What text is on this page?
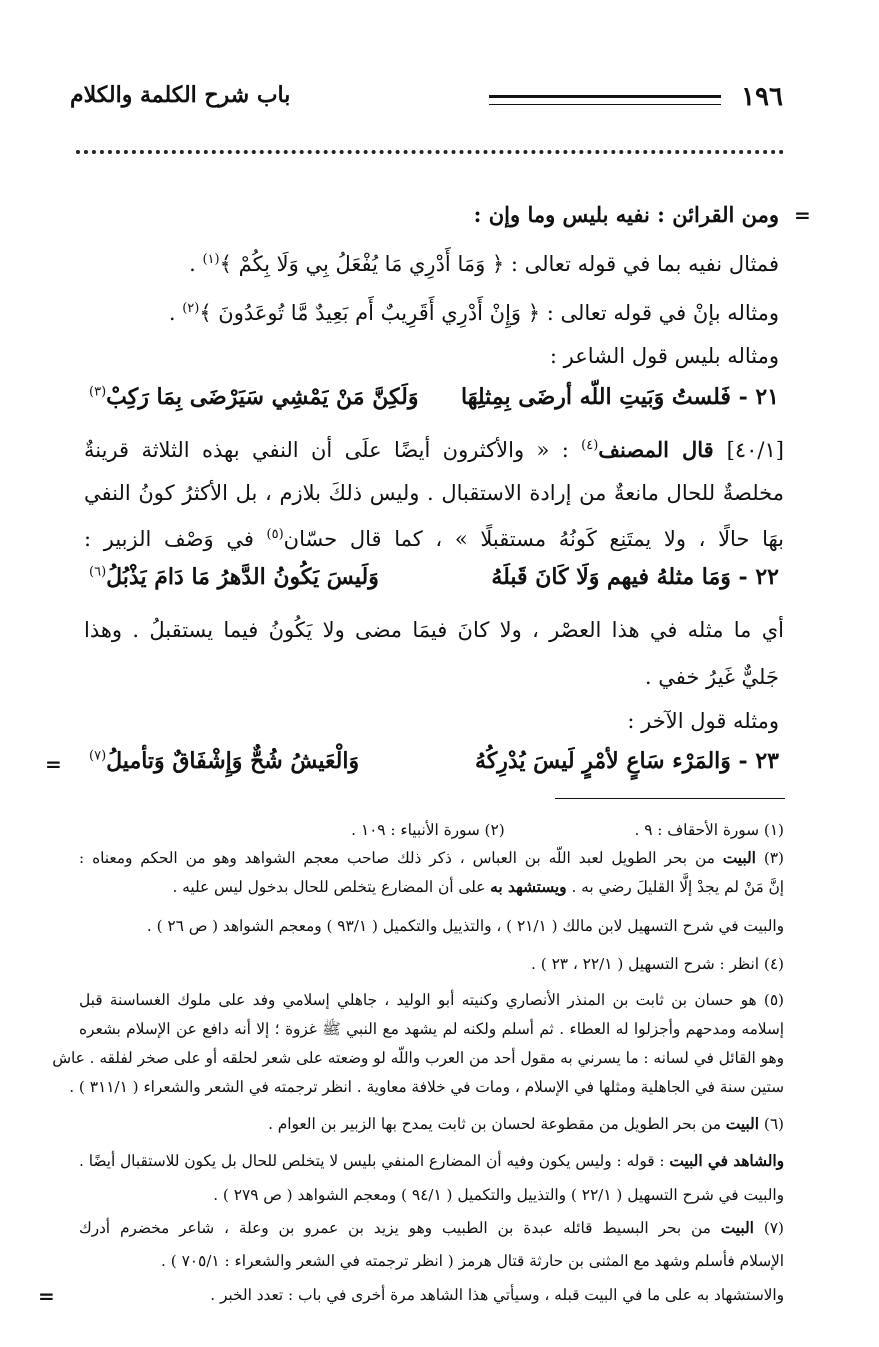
١٩٦
باب شرح الكلمة والكلام
=
=
=
ومن القرائن : نفيه بليس وما وإن :
فمثال نفيه بما في قوله تعالى : ﴿ وَمَا أَدْرِي مَا يُفْعَلُ بِي وَلَا بِكُمْ ﴾$^{(١)}$ .
ومثاله بإنْ في قوله تعالى : ﴿ وَإِنْ أَدْرِي أَقَرِيبٌ أَم بَعِيدٌ مَّا تُوعَدُونَ ﴾$^{(٢)}$ .
ومثاله بليس قول الشاعر :
٢١ - فَلستُ وَبَيتِ اللّه أرضَى بِمِثلِهَا
وَلَكِنَّ مَنْ يَمْشِي سَيَرْضَى بِمَا رَكِبْ$^{(٣)}$
[٤٠/١] قال المصنف$^{(٤)}$ : « والأكثرون أيضًا علَى أن النفي بهذه الثلاثة قرينةٌ
مخلصةٌ للحال مانعةٌ من إرادة الاستقبال . وليس ذلكَ بلازم ، بل الأكثرُ كونُ النفي
بهَا حالًا ، ولا يمتَنِع كَونُهُ مستقبلًا » ، كما قال حسّان$^{(٥)}$ في وَصْف الزبير :
٢٢ - وَمَا مثلهُ فيهم وَلَا كَانَ قَبلَهُ
وَلَيسَ يَكُونُ الدَّهرُ مَا دَامَ يَذْبُلُ$^{(٦)}$
أي ما مثله في هذا العصْر ، ولا كانَ فيمَا مضى ولا يَكُونُ فيما يستقبلُ . وهذا
جَليٌّ غَيرُ خفي .
ومثله قول الآخر :
٢٣ - وَالمَرْء سَاعٍ لأمْرٍ لَيسَ يُدْرِكُهُ
وَالْعَيشُ شُحٌّ وَإِشْفَاقٌ وَتأميلُ$^{(٧)}$
(١) سورة الأحقاف : ٩ .  (٢) سورة الأنبياء : ١٠٩ .
(٣) البيت من بحر الطويل لعبد اللّه بن العباس ، ذكر ذلك صاحب معجم الشواهد وهو من الحكم ومعناه :
إنَّ مَنْ لم يجدْ إلَّا القليلَ رضي به . ويستشهد به على أن المضارع يتخلص للحال بدخول ليس عليه .
والبيت في شرح التسهيل لابن مالك ( ٢١/١ ) ، والتذييل والتكميل ( ٩٣/١ ) ومعجم الشواهد ( ص ٢٦ ) .
(٤) انظر : شرح التسهيل ( ٢٢/١ ، ٢٣ ) .
(٥) هو حسان بن ثابت بن المنذر الأنصاري وكنيته أبو الوليد ، جاهلي إسلامي وفد على ملوك الغساسنة قبل
إسلامه ومدحهم وأجزلوا له العطاء . ثم أسلم ولكنه لم يشهد مع النبي ﷺ غزوة ؛ إلا أنه دافع عن الإسلام بشعره
وهو القائل في لسانه : ما يسرني به مقول أحد من العرب واللّه لو وضعته على شعر لحلقه أو على صخر لفلقه . عاش
ستين سنة في الجاهلية ومثلها في الإسلام ، ومات في خلافة معاوية . انظر ترجمته في الشعر والشعراء ( ٣١١/١ ) .
(٦) البيت من بحر الطويل من مقطوعة لحسان بن ثابت يمدح بها الزبير بن العوام .
والشاهد في البيت : قوله : وليس يكون وفيه أن المضارع المنفي بليس لا يتخلص للحال بل يكون للاستقبال أيضًا .
والبيت في شرح التسهيل ( ٢٢/١ ) والتذييل والتكميل ( ٩٤/١ ) ومعجم الشواهد ( ص ٢٧٩ ) .
(٧) البيت من بحر البسيط قائله عبدة بن الطبيب وهو يزيد بن عمرو بن وعلة ، شاعر مخضرم أدرك
الإسلام فأسلم وشهد مع المثنى بن حارثة قتال هرمز ( انظر ترجمته في الشعر والشعراء : ٧٠٥/١ ) .
والاستشهاد به على ما في البيت قبله ، وسيأتي هذا الشاهد مرة أخرى في باب : تعدد الخبر .
